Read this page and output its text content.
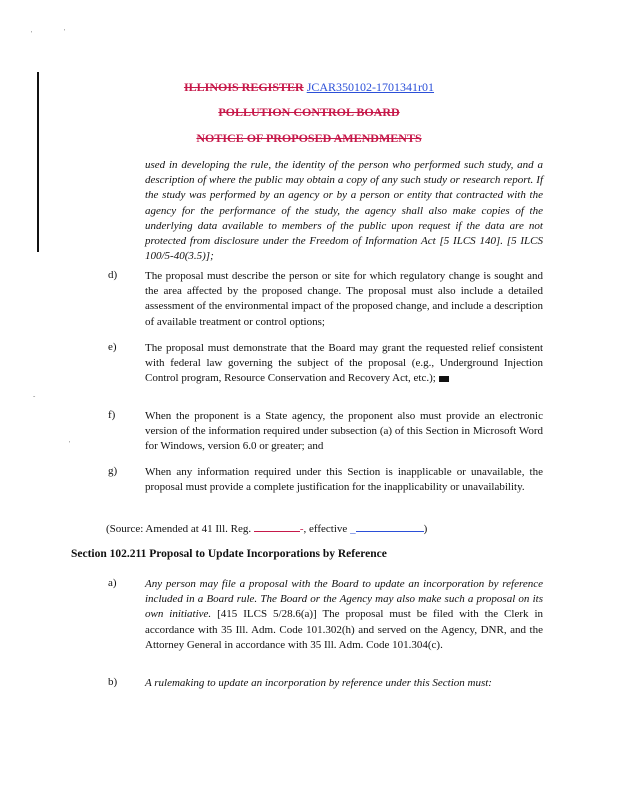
'	'
-
'
ILLINOIS REGISTER JCAR350102-1701341r01
POLLUTION CONTROL BOARD
NOTICE OF PROPOSED AMENDMENTS
used in developing the rule, the identity of the person who performed such study, and a description of where the public may obtain a copy of any such study or research report. If the study was performed by an agency or by a person or entity that contracted with the agency for the performance of the study, the agency shall also make copies of the underlying data available to members of the public upon request if the data are not protected from disclosure under the Freedom of Information Act [5 ILCS 140]. [5 ILCS 100/5-40(3.5)];
d)	The proposal must describe the person or site for which regulatory change is sought and the area affected by the proposed change. The proposal must also include a detailed assessment of the environmental impact of the proposed change, and include a description of available treatment or control options;
e)	The proposal must demonstrate that the Board may grant the requested relief consistent with federal law governing the subject of the proposal (e.g., Underground Injection Control program, Resource Conservation and Recovery Act, etc.);
f)	When the proponent is a State agency, the proponent also must provide an electronic version of the information required under subsection (a) of this Section in Microsoft Word for Windows, version 6.0 or greater; and
g)	When any information required under this Section is inapplicable or unavailable, the proposal must provide a complete justification for the inapplicability or unavailability.
(Source: Amended at 41 Ill. Reg.	-, effective _	)
Section 102.211 Proposal to Update Incorporations by Reference
a)	Any person may file a proposal with the Board to update an incorporation by reference included in a Board rule. The Board or the Agency may also make such a proposal on its own initiative. [415 ILCS 5/28.6(a)] The proposal must be filed with the Clerk in accordance with 35 Ill. Adm. Code 101.302(h) and served on the Agency, DNR, and the Attorney General in accordance with 35 Ill. Adm. Code 101.304(c).
b)	A rulemaking to update an incorporation by reference under this Section must:
